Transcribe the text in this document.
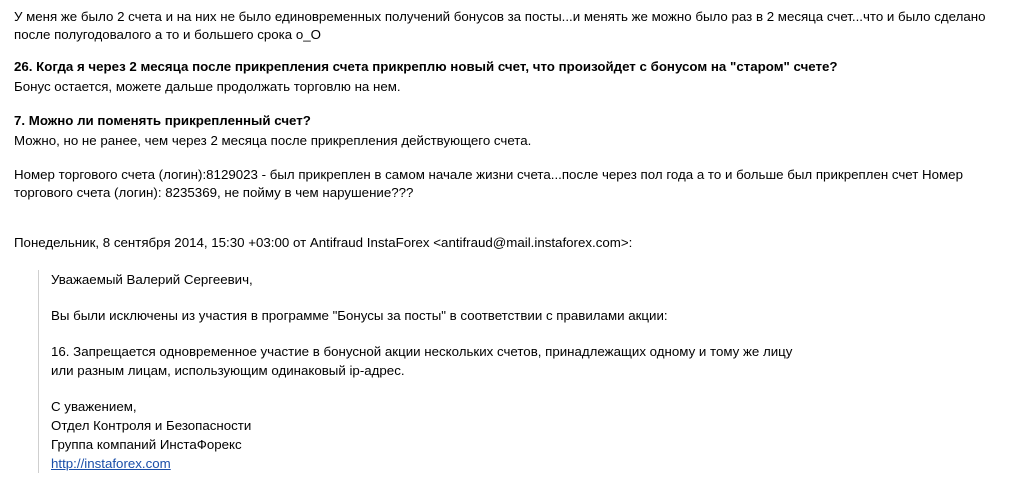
У меня же было 2 счета и на них не было единовременных получений бонусов за посты...и менять же можно было раз в 2 месяца счет...что и было сделано после полугодовалого а то и большего срока о_О

26. Когда я через 2 месяца после прикрепления счета прикреплю новый счет, что произойдет с бонусом на "старом" счете?

Бонус остается, можете дальше продолжать торговлю на нем.

7. Можно ли поменять прикрепленный счет?

Можно, но не ранее, чем через 2 месяца после прикрепления действующего счета.

Номер торгового счета (логин):8129023 - был прикреплен в самом начале жизни счета...после через пол года а то и больше был прикреплен счет Номер торгового счета (логин): 8235369, не пойму в чем нарушение???

Понедельник, 8 сентября 2014, 15:30 +03:00 от Antifraud InstaForex <antifraud@mail.instaforex.com>:

Уважаемый Валерий Сергеевич,

Вы были исключены из участия в программе "Бонусы за посты" в соответствии с правилами акции:

16. Запрещается одновременное участие в бонусной акции нескольких счетов, принадлежащих одному и тому же лицу

или разным лицам, использующим одинаковый ip-адрес.

С уважением,

Отдел Контроля и Безопасности

Группа компаний ИнстаФорекс

http://instaforex.com
